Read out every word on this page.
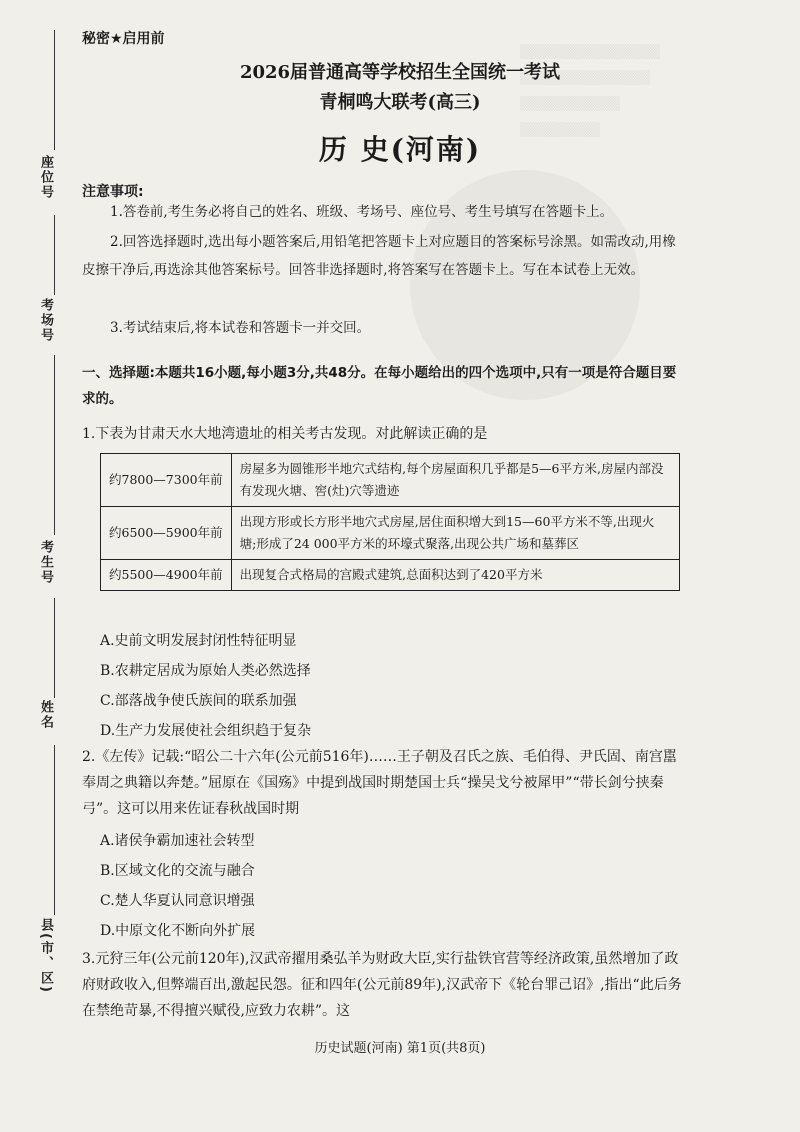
▒▒▒▒▒▒▒▒▒▒▒▒▒▒
▒▒▒▒▒▒▒▒▒▒▒▒▒
▒▒▒▒▒▒▒▒▒▒
▒▒▒▒▒▒▒▒
座位号
考场号
考生号
姓名
县(市、区)
秘密★启用前
2026届普通高等学校招生全国统一考试
青桐鸣大联考(高三)
历 史(河南)
注意事项:
1.答卷前,考生务必将自己的姓名、班级、考场号、座位号、考生号填写在答题卡上。
2.回答选择题时,选出每小题答案后,用铅笔把答题卡上对应题目的答案标号涂黑。如需改动,用橡皮擦干净后,再选涂其他答案标号。回答非选择题时,将答案写在答题卡上。写在本试卷上无效。
3.考试结束后,将本试卷和答题卡一并交回。
一、选择题:本题共16小题,每小题3分,共48分。在每小题给出的四个选项中,只有一项是符合题目要求的。
1.下表为甘肃天水大地湾遗址的相关考古发现。对此解读正确的是
约7800—7300年前	房屋多为圆锥形半地穴式结构,每个房屋面积几乎都是5—6平方米,房屋内部没有发现火塘、窖(灶)穴等遗迹
约6500—5900年前	出现方形或长方形半地穴式房屋,居住面积增大到15—60平方米不等,出现火塘;形成了24 000平方米的环壕式聚落,出现公共广场和墓葬区
约5500—4900年前	出现复合式格局的宫殿式建筑,总面积达到了420平方米
A.史前文明发展封闭性特征明显
B.农耕定居成为原始人类必然选择
C.部落战争使氏族间的联系加强
D.生产力发展使社会组织趋于复杂
2.《左传》记载:“昭公二十六年(公元前516年)……王子朝及召氏之族、毛伯得、尹氏固、南宫嚚奉周之典籍以奔楚。”屈原在《国殇》中提到战国时期楚国士兵“操吴戈兮被犀甲”“带长剑兮挟秦弓”。这可以用来佐证春秋战国时期
A.诸侯争霸加速社会转型
B.区域文化的交流与融合
C.楚人华夏认同意识增强
D.中原文化不断向外扩展
3.元狩三年(公元前120年),汉武帝擢用桑弘羊为财政大臣,实行盐铁官营等经济政策,虽然增加了政府财政收入,但弊端百出,激起民怨。征和四年(公元前89年),汉武帝下《轮台罪己诏》,指出“此后务在禁绝苛暴,不得擅兴赋役,应致力农耕”。这
历史试题(河南) 第1页(共8页)
